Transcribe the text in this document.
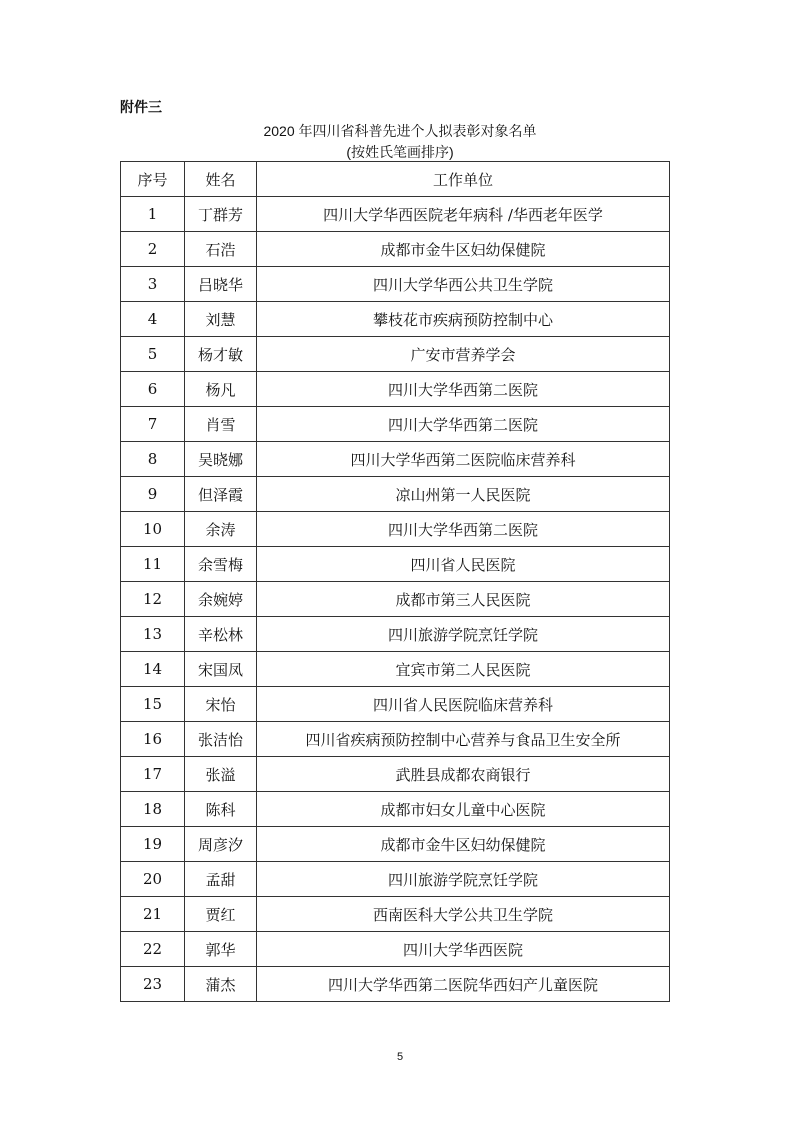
附件三
2020 年四川省科普先进个人拟表彰对象名单
(按姓氏笔画排序)
序号	姓名	工作单位
1	丁群芳	四川大学华西医院老年病科 /华西老年医学
2	石浩	成都市金牛区妇幼保健院
3	吕晓华	四川大学华西公共卫生学院
4	刘慧	攀枝花市疾病预防控制中心
5	杨才敏	广安市营养学会
6	杨凡	四川大学华西第二医院
7	肖雪	四川大学华西第二医院
8	吴晓娜	四川大学华西第二医院临床营养科
9	但泽霞	凉山州第一人民医院
10	余涛	四川大学华西第二医院
11	余雪梅	四川省人民医院
12	余婉婷	成都市第三人民医院
13	辛松林	四川旅游学院烹饪学院
14	宋国凤	宜宾市第二人民医院
15	宋怡	四川省人民医院临床营养科
16	张洁怡	四川省疾病预防控制中心营养与食品卫生安全所
17	张溢	武胜县成都农商银行
18	陈科	成都市妇女儿童中心医院
19	周彦汐	成都市金牛区妇幼保健院
20	孟甜	四川旅游学院烹饪学院
21	贾红	西南医科大学公共卫生学院
22	郭华	四川大学华西医院
23	蒲杰	四川大学华西第二医院华西妇产儿童医院
5
